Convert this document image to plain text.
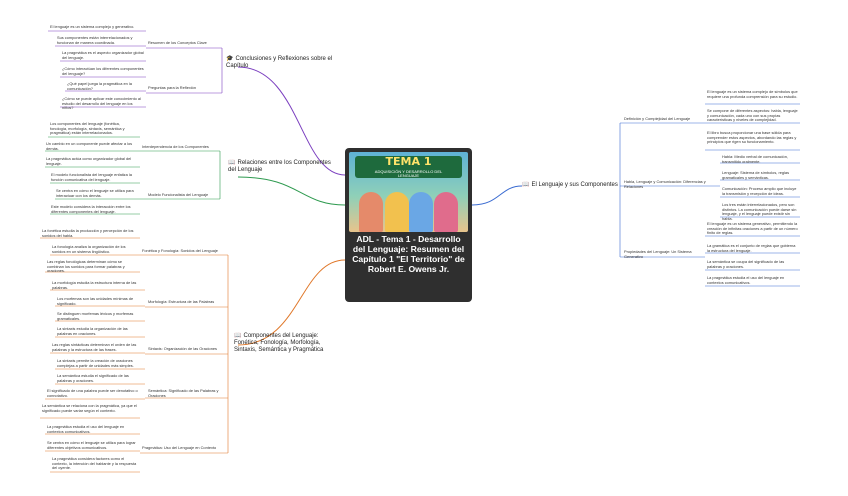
TEMA 1
ADQUISICIÓN Y DESARROLLO DEL LENGUAJE
ADL - Tema 1 - Desarrollo del Lenguaje: Resumen del Capítulo 1 "El Territorio" de Robert E. Owens Jr.
🎓 Conclusiones y Reflexiones sobre el Capítulo
Resumen de los Conceptos Clave
Preguntas para la Reflexión
El lenguaje es un sistema complejo y generativo.
Sus componentes están interrelacionados y funcionan de manera coordinada.
La pragmática es el aspecto organizador global del lenguaje.
¿Cómo interactúan los diferentes componentes del lenguaje?
¿Qué papel juega la pragmática en la comunicación?
¿Cómo se puede aplicar este conocimiento al estudio del desarrollo del lenguaje en los niños?
📖 Relaciones entre los Componentes del Lenguaje
Interdependencia de los Componentes
Modelo Funcionalista del Lenguaje
Los componentes del lenguaje (fonética, fonología, morfología, sintaxis, semántica y pragmática) están interrelacionados.
Un cambio en un componente puede afectar a los demás.
La pragmática actúa como organizador global del lenguaje.
El modelo funcionalista del lenguaje enfatiza la función comunicativa del lenguaje.
Se centra en cómo el lenguaje se utiliza para interactuar con los demás.
Este modelo considera la interacción entre los diferentes componentes del lenguaje.
📖 Componentes del Lenguaje: Fonética, Fonología, Morfología, Sintaxis, Semántica y Pragmática
Fonética y Fonología: Sonidos del Lenguaje
Morfología: Estructura de las Palabras
Sintaxis: Organización de las Oraciones
Semántica: Significado de las Palabras y Oraciones
Pragmática: Uso del Lenguaje en Contexto
La fonética estudia la producción y percepción de los sonidos del habla.
La fonología analiza la organización de los sonidos en un sistema lingüístico.
Las reglas fonológicas determinan cómo se combinan los sonidos para formar palabras y oraciones.
La morfología estudia la estructura interna de las palabras.
Los morfemas son las unidades mínimas de significado.
Se distinguen morfemas léxicos y morfemas gramaticales.
La sintaxis estudia la organización de las palabras en oraciones.
Las reglas sintácticas determinan el orden de las palabras y la estructura de las frases.
La sintaxis permite la creación de oraciones complejas a partir de unidades más simples.
La semántica estudia el significado de las palabras y oraciones.
El significado de una palabra puede ser denotativo o connotativo.
La semántica se relaciona con la pragmática, ya que el significado puede variar según el contexto.
La pragmática estudia el uso del lenguaje en contextos comunicativos.
Se centra en cómo el lenguaje se utiliza para lograr diferentes objetivos comunicativos.
La pragmática considera factores como el contexto, la intención del hablante y la respuesta del oyente.
📖 El Lenguaje y sus Componentes
Definición y Complejidad del Lenguaje
Habla, Lenguaje y Comunicación: Diferencias y Relaciones
Propiedades del Lenguaje: Un Sistema Generativo
El lenguaje es un sistema complejo de símbolos que requiere una profunda comprensión para su estudio.
Se compone de diferentes aspectos: habla, lenguaje y comunicación, cada uno con sus propias características y niveles de complejidad.
El libro busca proporcionar una base sólida para comprender estos aspectos, abordando las reglas y principios que rigen su funcionamiento.
Habla: Medio verbal de comunicación, transmitido oralmente.
Lenguaje: Sistema de símbolos, reglas gramaticales y semánticas.
Comunicación: Proceso amplio que incluye la transmisión y recepción de ideas.
Los tres están interrelacionados, pero son distintos. La comunicación puede darse sin lenguaje, y el lenguaje puede existir sin habla.
El lenguaje es un sistema generativo, permitiendo la creación de infinitas oraciones a partir de un número finito de reglas.
La gramática es el conjunto de reglas que gobierna la estructura del lenguaje.
La semántica se ocupa del significado de las palabras y oraciones.
La pragmática estudia el uso del lenguaje en contextos comunicativos.
